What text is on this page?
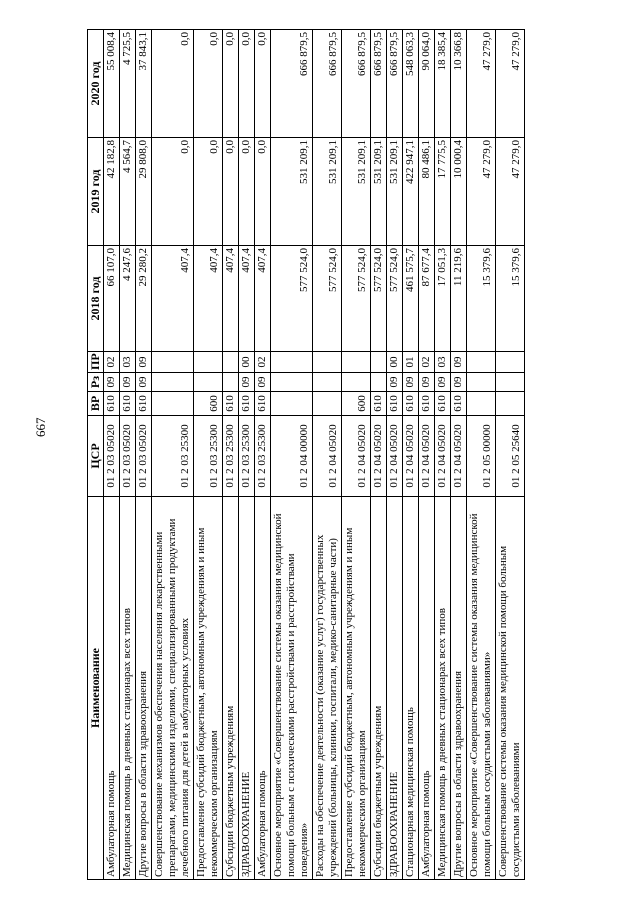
667
Наименование	ЦСР	ВР	Рз	ПР	2018 год	2019 год	2020 год
Амбулаторная помощь	01 2 03 05020	610	09	02	66 107,0	42 182,8	55 008,4
Медицинская помощь в дневных стационарах всех типов	01 2 03 05020	610	09	03	4 247,6	4 564,7	4 725,5
Другие вопросы в области здравоохранения	01 2 03 05020	610	09	09	29 280,2	29 808,0	37 843,1
Совершенствование механизмов обеспечения населения лекарственными препаратами, медицинскими изделиями, специализированными продуктами лечебного питания для детей в амбулаторных условиях	01 2 03 25300				407,4	0,0	0,0
Предоставление субсидий бюджетным, автономным учреждениям и иным некоммерческим организациям	01 2 03 25300	600			407,4	0,0	0,0
Субсидии бюджетным учреждениям	01 2 03 25300	610			407,4	0,0	0,0
ЗДРАВООХРАНЕНИЕ	01 2 03 25300	610	09	00	407,4	0,0	0,0
Амбулаторная помощь	01 2 03 25300	610	09	02	407,4	0,0	0,0
Основное мероприятие «Совершенствование системы оказания медицинской помощи больным с психическими расстройствами и расстройствами поведения»	01 2 04 00000				577 524,0	531 209,1	666 879,5
Расходы на обеспечение деятельности (оказание услуг) государственных учреждений (больницы, клиники, госпитали, медико-санитарные части)	01 2 04 05020				577 524,0	531 209,1	666 879,5
Предоставление субсидий бюджетным, автономным учреждениям и иным некоммерческим организациям	01 2 04 05020	600			577 524,0	531 209,1	666 879,5
Субсидии бюджетным учреждениям	01 2 04 05020	610			577 524,0	531 209,1	666 879,5
ЗДРАВООХРАНЕНИЕ	01 2 04 05020	610	09	00	577 524,0	531 209,1	666 879,5
Стационарная медицинская помощь	01 2 04 05020	610	09	01	461 575,7	422 947,1	548 063,3
Амбулаторная помощь	01 2 04 05020	610	09	02	87 677,4	80 486,1	90 064,0
Медицинская помощь в дневных стационарах всех типов	01 2 04 05020	610	09	03	17 051,3	17 775,5	18 385,4
Другие вопросы в области здравоохранения	01 2 04 05020	610	09	09	11 219,6	10 000,4	10 366,8
Основное мероприятие «Совершенствование системы оказания медицинской помощи больным сосудистыми заболеваниями»	01 2 05 00000				15 379,6	47 279,0	47 279,0
Совершенствование системы оказания медицинской помощи больным сосудистыми заболеваниями	01 2 05 25640				15 379,6	47 279,0	47 279,0
